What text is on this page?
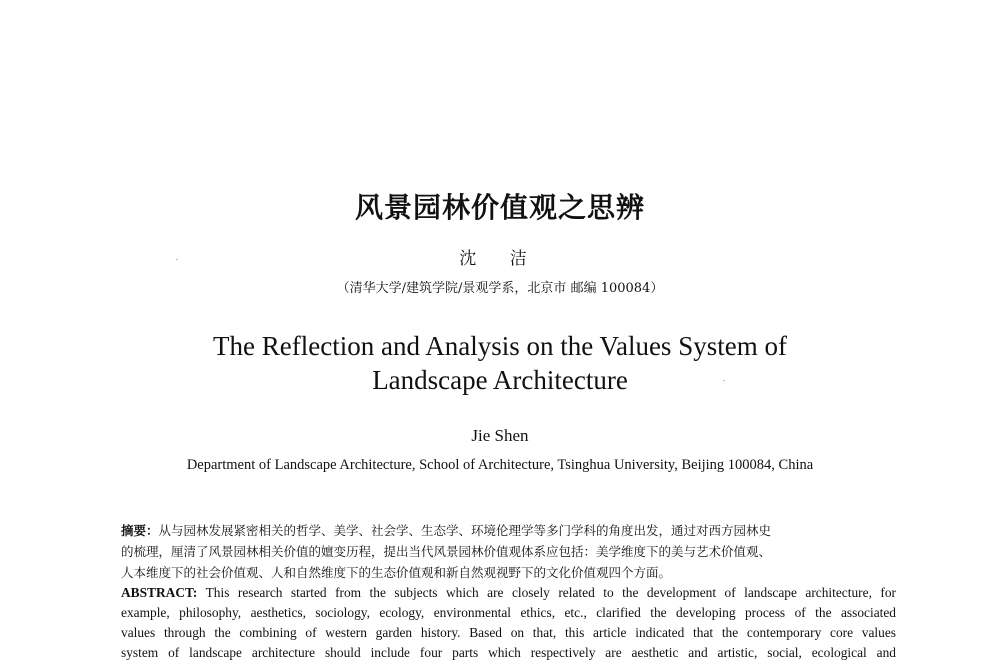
风景园林价值观之思辨
沈 洁
（清华大学/建筑学院/景观学系，北京市 邮编 100084）
The Reflection and Analysis on the Values System of
Landscape Architecture
Jie Shen
Department of Landscape Architecture, School of Architecture, Tsinghua University, Beijing 100084, China
摘要：从与园林发展紧密相关的哲学、美学、社会学、生态学、环境伦理学等多门学科的角度出发，通过对西方园林史
的梳理，厘清了风景园林相关价值的嬗变历程，提出当代风景园林价值观体系应包括：美学维度下的美与艺术价值观、
人本维度下的社会价值观、人和自然维度下的生态价值观和新自然观视野下的文化价值观四个方面。
ABSTRACT: This research started from the subjects which are closely related to the development of landscape architecture, for
example, philosophy, aesthetics, sociology, ecology, environmental ethics, etc., clarified the developing process of the associated
values through the combining of western garden history. Based on that, this article indicated that the contemporary core values
system of landscape architecture should include four parts which respectively are aesthetic and artistic, social, ecological and
